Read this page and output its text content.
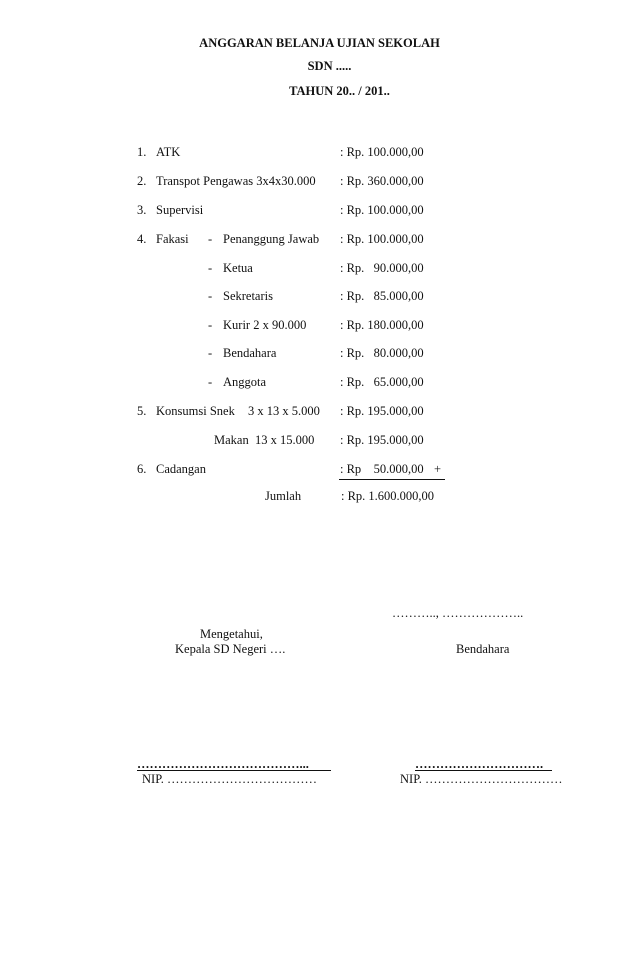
ANGGARAN BELANJA UJIAN SEKOLAH
SDN .....
TAHUN 20.. / 201..
1. ATK	: Rp. 100.000,00
2. Transpot Pengawas 3x4x30.000 : Rp. 360.000,00
3. Supervisi	: Rp. 100.000,00
4. Fakasi - Penanggung Jawab : Rp. 100.000,00
- Ketua	: Rp.   90.000,00
- Sekretaris	: Rp.   85.000,00
- Kurir 2 x 90.000	: Rp. 180.000,00
- Bendahara	: Rp.   80.000,00
- Anggota	: Rp.   65.000,00
5. Konsumsi Snek 3 x 13 x 5.000 : Rp. 195.000,00
Makan  13 x 15.000 : Rp. 195.000,00
6. Cadangan	: Rp    50.000,00 +
Jumlah	: Rp. 1.600.000,00
……….., ………………..
Mengetahui,
Kepala SD Negeri ….
…………………………………...
NIP. ………………………………
Bendahara
………………………….
NIP. ……………………………
